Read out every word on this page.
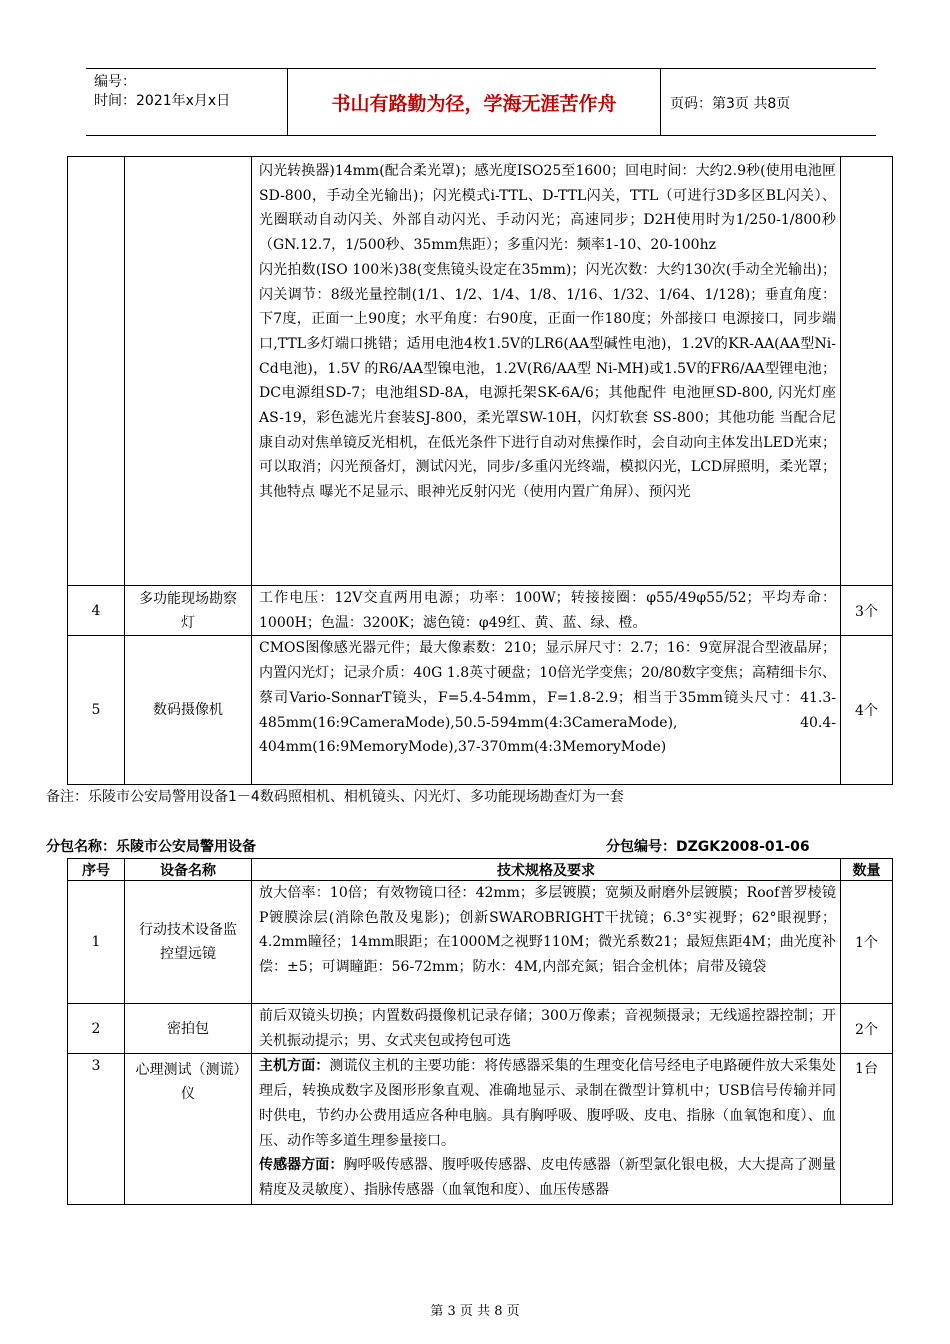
编号：
时间：2021年x月x日	书山有路勤为径，学海无涯苦作舟	页码：第3页 共8页
		闪光转换器)14mm(配合柔光罩)；感光度ISO25至1600；回电时间：大约2.9秒(使用电池匣SD-800，手动全光输出)；闪光模式i-TTL、D-TTL闪关，TTL（可进行3D多区BL闪关）、光圈联动自动闪关、外部自动闪光、手动闪光；高速同步；D2H使用时为1/250-1/800秒（GN.12.7，1/500秒、35mm焦距）；多重闪光：频率1-10、20-100hz
闪光拍数(ISO 100米)38(变焦镜头设定在35mm)；闪光次数：大约130次(手动全光输出)；闪关调节：8级光量控制(1/1、1/2、1/4、1/8、1/16、1/32、1/64、1/128)；垂直角度：下7度，正面一上90度；水平角度：右90度，正面一作180度；外部接口 电源接口，同步端口,TTL多灯端口挑错；适用电池4枚1.5V的LR6(AA型碱性电池)，1.2V的KR-AA(AA型Ni-Cd电池)，1.5V 的R6/AA型镍电池，1.2V(R6/AA型 Ni-MH)或1.5V的FR6/AA型锂电池；DC电源组SD-7；电池组SD-8A，电源托架SK-6A/6；其他配件 电池匣SD-800, 闪光灯座AS-19，彩色滤光片套装SJ-800，柔光罩SW-10H，闪灯软套 SS-800；其他功能 当配合尼康自动对焦单镜反光相机，在低光条件下进行自动对焦操作时，会自动向主体发出LED光束；可以取消；闪光预备灯，测试闪光，同步/多重闪光终端，模拟闪光，LCD屏照明，柔光罩；其他特点 曝光不足显示、眼神光反射闪光（使用内置广角屏）、预闪光	
4	多功能现场勘察灯	工作电压：12V交直两用电源；功率：100W；转接接圈：φ55/49φ55/52；平均寿命：1000H；色温：3200K；滤色镜：φ49红、黄、蓝、绿、橙。	3个
5	数码摄像机	CMOS图像感光器元件；最大像素数：210；显示屏尺寸：2.7；16：9宽屏混合型液晶屏；内置闪光灯；记录介质：40G 1.8英寸硬盘；10倍光学变焦；20/80数字变焦；高精细卡尔、蔡司Vario-SonnarT镜头，F=5.4-54mm，F=1.8-2.9；相当于35mm镜头尺寸：41.3-485mm(16:9CameraMode),50.5-594mm(4:3CameraMode), 40.4-404mm(16:9MemoryMode),37-370mm(4:3MemoryMode)	4个
备注：乐陵市公安局警用设备1－4数码照相机、相机镜头、闪光灯、多功能现场勘查灯为一套
分包名称：乐陵市公安局警用设备	分包编号：DZGK2008-01-06
序号	设备名称	技术规格及要求	数量
1	行动技术设备监控望远镜	放大倍率：10倍；有效物镜口径：42mm；多层镀膜；宽频及耐磨外层镀膜；Roof普罗棱镜 P镀膜涂层(消除色散及鬼影)；创新SWAROBRIGHT干扰镜；6.3°实视野；62°眼视野；4.2mm瞳径；14mm眼距；在1000M之视野110M；微光系数21；最短焦距4M；曲光度补偿：±5；可调瞳距：56-72mm；防水：4M,内部充氮；铝合金机体；肩带及镜袋	1个
2	密拍包	前后双镜头切换；内置数码摄像机记录存储；300万像素；音视频摄录；无线遥控器控制；开关机振动提示；男、女式夹包或挎包可选	2个
3	心理测试（测谎）仪	主机方面：测谎仪主机的主要功能：将传感器采集的生理变化信号经电子电路硬件放大采集处理后，转换成数字及图形形象直观、准确地显示、录制在微型计算机中；USB信号传输并同时供电，节约办公费用适应各种电脑。具有胸呼吸、腹呼吸、皮电、指脉（血氧饱和度）、血压、动作等多道生理参量接口。
传感器方面：胸呼吸传感器、腹呼吸传感器、皮电传感器（新型氯化银电极，大大提高了测量精度及灵敏度）、指脉传感器（血氧饱和度）、血压传感器	1台
第 3 页 共 8 页
